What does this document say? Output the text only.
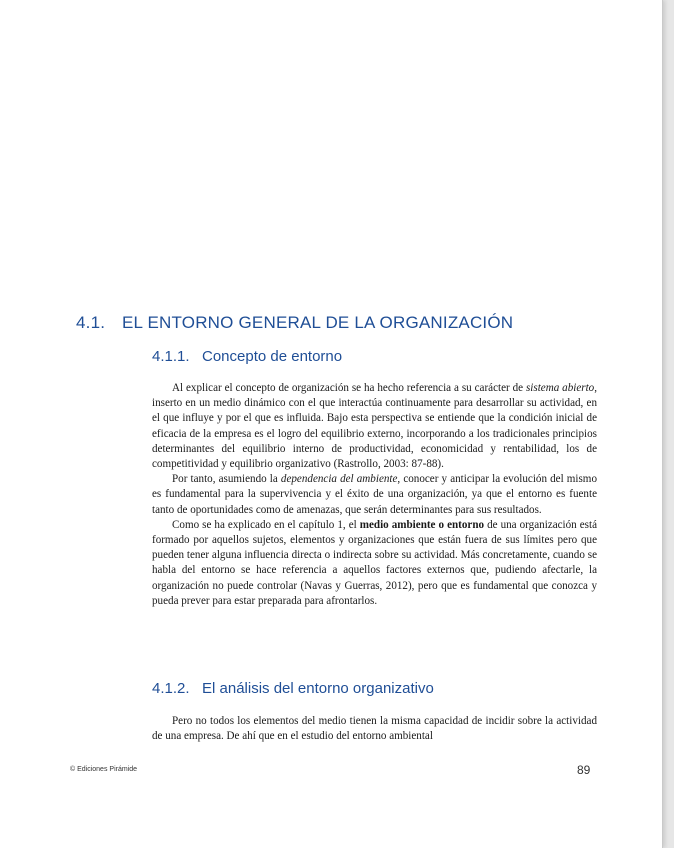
4.1. EL ENTORNO GENERAL DE LA ORGANIZACIÓN
4.1.1. Concepto de entorno

Al explicar el concepto de organización se ha hecho referencia a su carácter de sistema abierto, inserto en un medio dinámico con el que interactúa continuamente para desarrollar su actividad, en el que influye y por el que es influida. Bajo esta perspectiva se entiende que la condición inicial de eficacia de la empresa es el logro del equilibrio externo, incorporando a los tradicionales principios determinantes del equilibrio interno de productividad, economicidad y rentabilidad, los de competitividad y equilibrio organizativo (Rastrollo, 2003: 87-88).

Por tanto, asumiendo la dependencia del ambiente, conocer y anticipar la evolución del mismo es fundamental para la supervivencia y el éxito de una organización, ya que el entorno es fuente tanto de oportunidades como de amenazas, que serán determinantes para sus resultados.

Como se ha explicado en el capítulo 1, el medio ambiente o entorno de una organización está formado por aquellos sujetos, elementos y organizaciones que están fuera de sus límites pero que pueden tener alguna influencia directa o indirecta sobre su actividad. Más concretamente, cuando se habla del entorno se hace referencia a aquellos factores externos que, pudiendo afectarle, la organización no puede controlar (Navas y Guerras, 2012), pero que es fundamental que conozca y pueda prever para estar preparada para afrontarlos.

4.1.2. El análisis del entorno organizativo

Pero no todos los elementos del medio tienen la misma capacidad de incidir sobre la actividad de una empresa. De ahí que en el estudio del entorno ambiental

© Ediciones Pirámide	89
